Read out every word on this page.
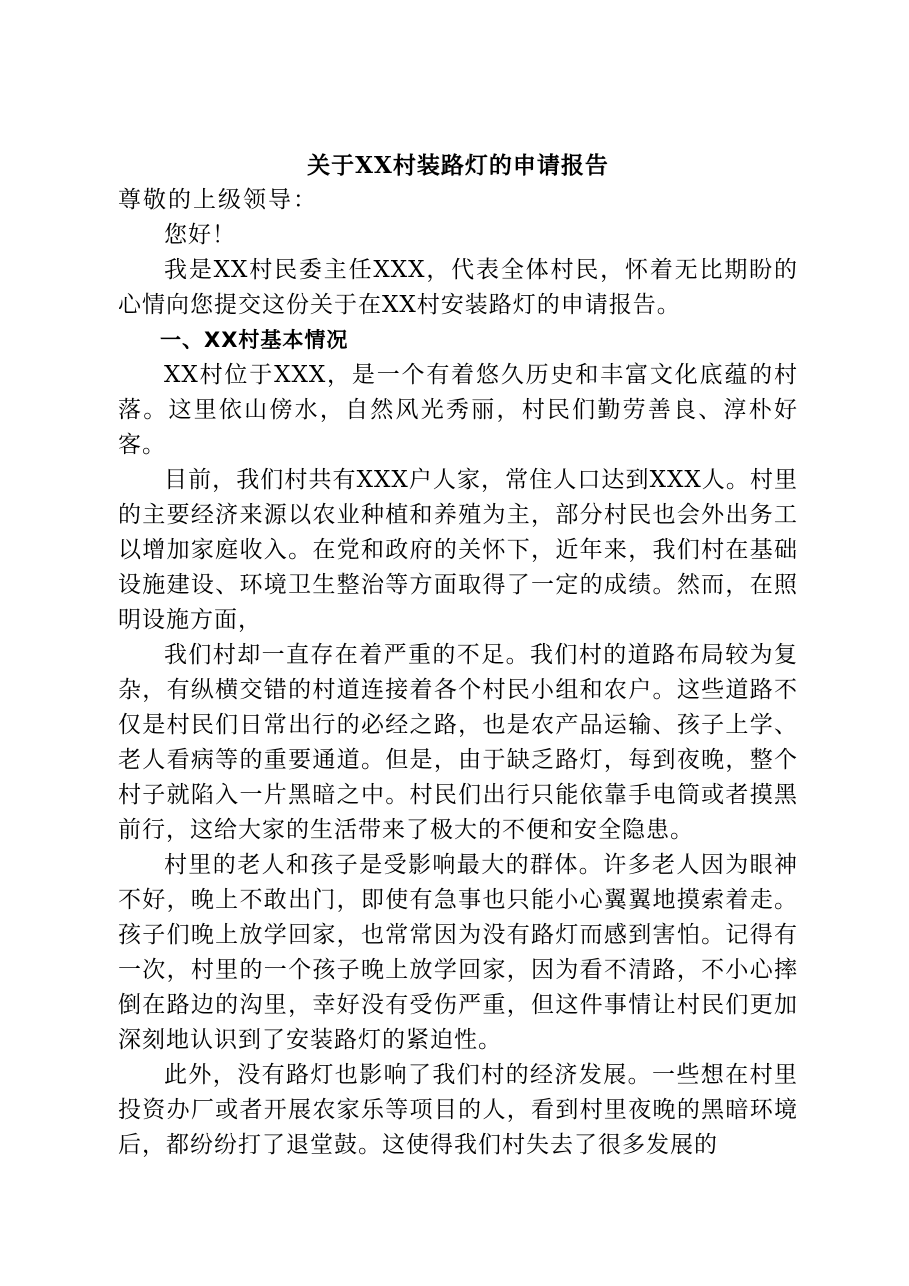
关于XX村装路灯的申请报告

尊敬的上级领导：

您好！

我是XX村民委主任XXX，代表全体村民，怀着无比期盼的心情向您提交这份关于在XX村安装路灯的申请报告。

一、XX村基本情况

XX村位于XXX，是一个有着悠久历史和丰富文化底蕴的村落。这里依山傍水，自然风光秀丽，村民们勤劳善良、淳朴好客。

目前，我们村共有XXX户人家，常住人口达到XXX人。村里的主要经济来源以农业种植和养殖为主，部分村民也会外出务工以增加家庭收入。在党和政府的关怀下，近年来，我们村在基础设施建设、环境卫生整治等方面取得了一定的成绩。然而，在照明设施方面，

我们村却一直存在着严重的不足。我们村的道路布局较为复杂，有纵横交错的村道连接着各个村民小组和农户。这些道路不仅是村民们日常出行的必经之路，也是农产品运输、孩子上学、老人看病等的重要通道。但是，由于缺乏路灯，每到夜晚，整个村子就陷入一片黑暗之中。村民们出行只能依靠手电筒或者摸黑前行，这给大家的生活带来了极大的不便和安全隐患。

村里的老人和孩子是受影响最大的群体。许多老人因为眼神不好，晚上不敢出门，即使有急事也只能小心翼翼地摸索着走。孩子们晚上放学回家，也常常因为没有路灯而感到害怕。记得有一次，村里的一个孩子晚上放学回家，因为看不清路，不小心摔倒在路边的沟里，幸好没有受伤严重，但这件事情让村民们更加深刻地认识到了安装路灯的紧迫性。

此外，没有路灯也影响了我们村的经济发展。一些想在村里投资办厂或者开展农家乐等项目的人，看到村里夜晚的黑暗环境后，都纷纷打了退堂鼓。这使得我们村失去了很多发展的
